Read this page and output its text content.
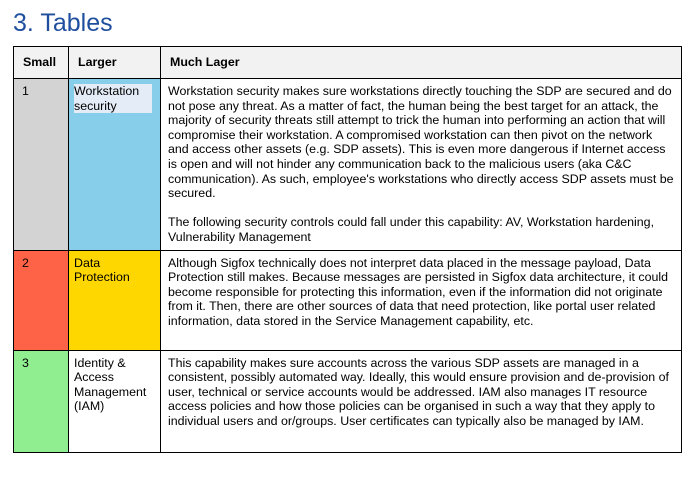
3. Tables
Small	Larger	Much Lager

1	Workstation security	Workstation security makes sure workstations directly touching the SDP are secured and do not pose any threat. As a matter of fact, the human being the best target for an attack, the majority of security threats still attempt to trick the human into performing an action that will compromise their workstation. A compromised workstation can then pivot on the network and access other assets (e.g. SDP assets). This is even more dangerous if Internet access is open and will not hinder any communication back to the malicious users (aka C&C communication). As such, employee's workstations who directly access SDP assets must be secured.

The following security controls could fall under this capability: AV, Workstation hardening, Vulnerability Management

2	Data Protection	Although Sigfox technically does not interpret data placed in the message payload, Data Protection still makes. Because messages are persisted in Sigfox data architecture, it could become responsible for protecting this information, even if the information did not originate from it. Then, there are other sources of data that need protection, like portal user related information, data stored in the Service Management capability, etc.

3	Identity & Access Management (IAM)	This capability makes sure accounts across the various SDP assets are managed in a consistent, possibly automated way. Ideally, this would ensure provision and de-provision of user, technical or service accounts would be addressed. IAM also manages IT resource access policies and how those policies can be organised in such a way that they apply to individual users and or/groups. User certificates can typically also be managed by IAM.
